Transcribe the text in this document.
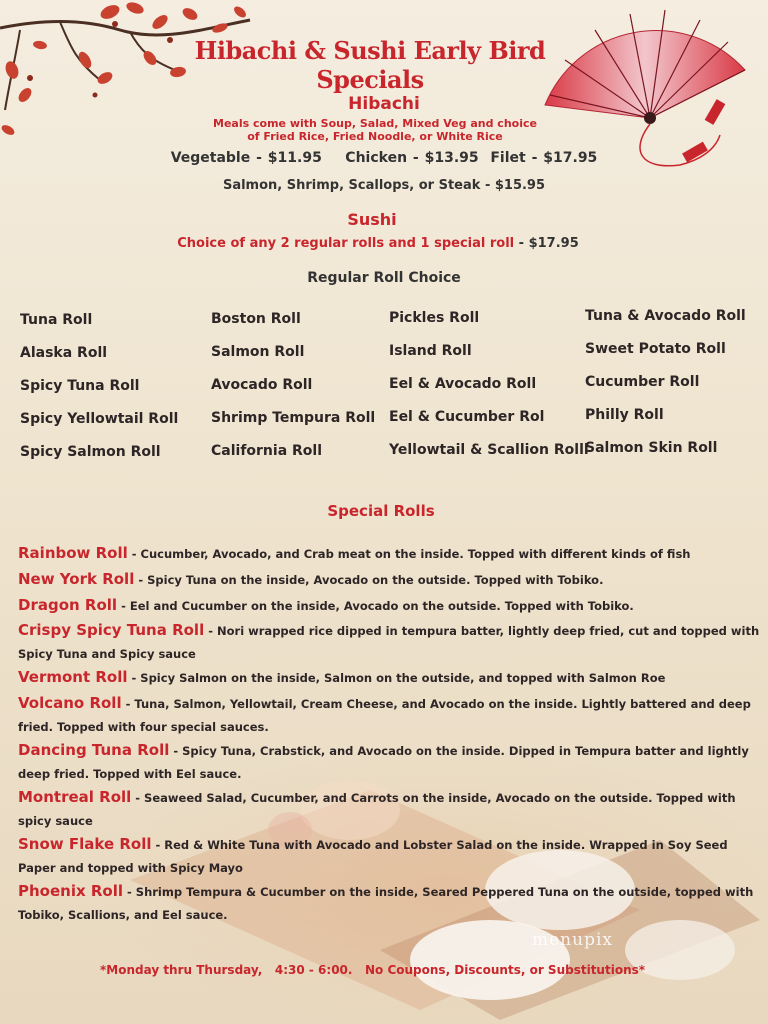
Hibachi & Sushi Early Bird Specials
Hibachi
Meals come with Soup, Salad, Mixed Veg and choice
of Fried Rice, Fried Noodle, or White Rice
Vegetable - $11.95    Chicken - $13.95  Filet - $17.95
Salmon, Shrimp, Scallops, or Steak - $15.95
Sushi
Choice of any 2 regular rolls and 1 special roll - $17.95
Regular Roll Choice
Tuna Roll
Alaska Roll
Spicy Tuna Roll
Spicy Yellowtail Roll
Spicy Salmon Roll
Boston Roll
Salmon Roll
Avocado Roll
Shrimp Tempura Roll
California Roll
Pickles Roll
Island Roll
Eel & Avocado Roll
Eel & Cucumber Rol
Yellowtail & Scallion Rolll
Tuna & Avocado Roll
Sweet Potato Roll
Cucumber Roll
Philly Roll
Salmon Skin Roll
Special Rolls
Rainbow Roll - Cucumber, Avocado, and Crab meat on the inside. Topped with different kinds of fish
New York Roll - Spicy Tuna on the inside, Avocado on the outside. Topped with Tobiko.
Dragon Roll - Eel and Cucumber on the inside, Avocado on the outside. Topped with Tobiko.
Crispy Spicy Tuna Roll - Nori wrapped rice dipped in tempura batter, lightly deep fried, cut and topped with Spicy Tuna and Spicy sauce
Vermont Roll - Spicy Salmon on the inside, Salmon on the outside, and topped with Salmon Roe
Volcano Roll - Tuna, Salmon, Yellowtail, Cream Cheese, and Avocado on the inside. Lightly battered and deep fried. Topped with four special sauces.
Dancing Tuna Roll - Spicy Tuna, Crabstick, and Avocado on the inside. Dipped in Tempura batter and lightly deep fried. Topped with Eel sauce.
Montreal Roll - Seaweed Salad, Cucumber, and Carrots on the inside, Avocado on the outside. Topped with spicy sauce
Snow Flake Roll - Red & White Tuna with Avocado and Lobster Salad on the inside. Wrapped in Soy Seed Paper and topped with Spicy Mayo
Phoenix Roll - Shrimp Tempura & Cucumber on the inside, Seared Peppered Tuna on the outside, topped with Tobiko, Scallions, and Eel sauce.
menupix
*Monday thru Thursday,   4:30 - 6:00.   No Coupons, Discounts, or Substitutions*
